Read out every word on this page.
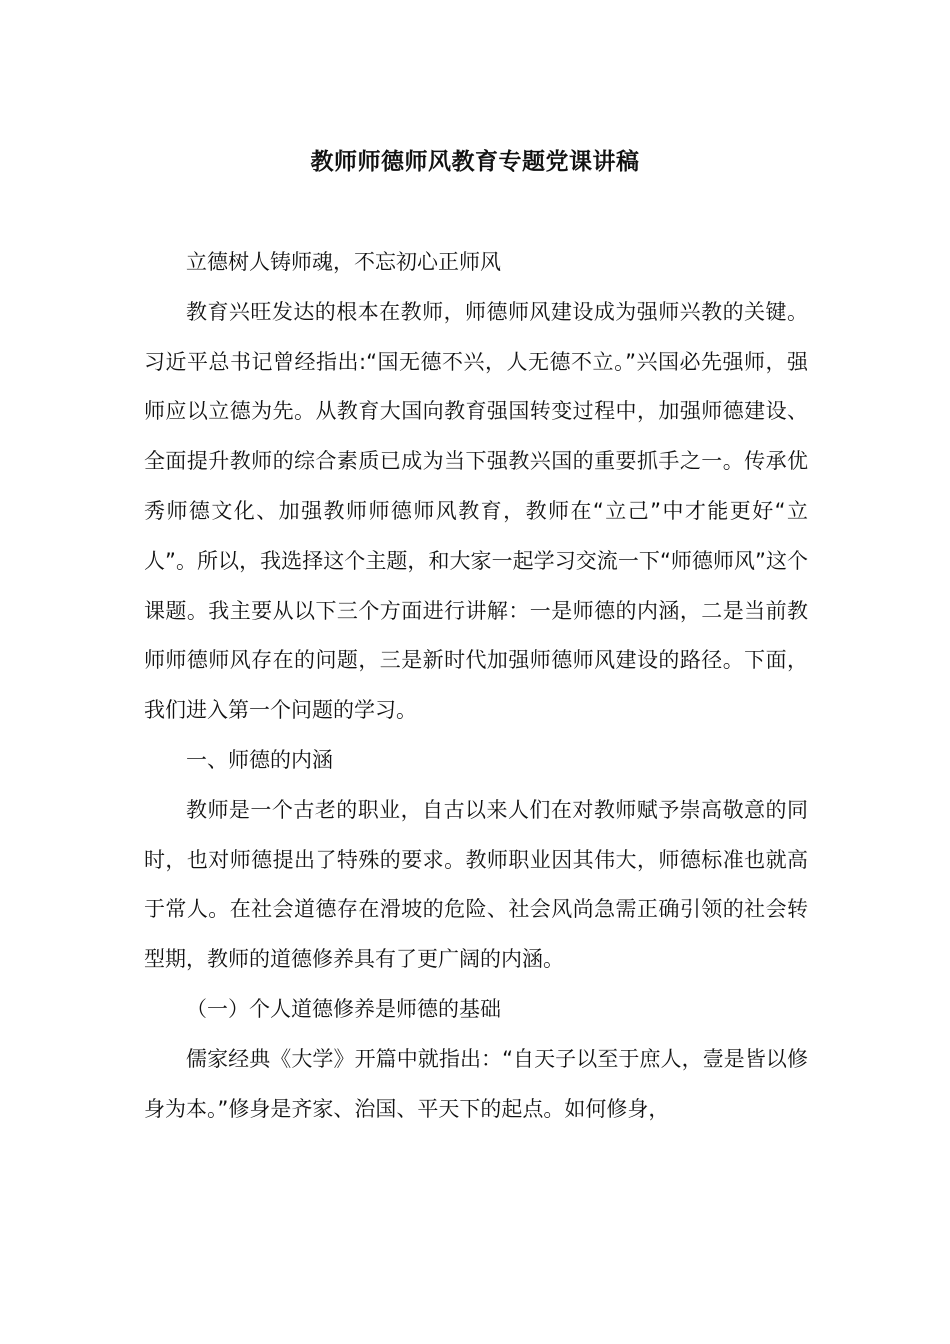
教师师德师风教育专题党课讲稿

立德树人铸师魂，不忘初心正师风

教育兴旺发达的根本在教师，师德师风建设成为强师兴教的关键。习近平总书记曾经指出:“国无德不兴，人无德不立。”兴国必先强师，强师应以立德为先。从教育大国向教育强国转变过程中，加强师德建设、全面提升教师的综合素质已成为当下强教兴国的重要抓手之一。传承优秀师德文化、加强教师师德师风教育，教师在“立己”中才能更好“立人”。所以，我选择这个主题，和大家一起学习交流一下“师德师风”这个课题。我主要从以下三个方面进行讲解：一是师德的内涵，二是当前教师师德师风存在的问题，三是新时代加强师德师风建设的路径。下面，我们进入第一个问题的学习。

一、师德的内涵

教师是一个古老的职业，自古以来人们在对教师赋予崇高敬意的同时，也对师德提出了特殊的要求。教师职业因其伟大，师德标准也就高于常人。在社会道德存在滑坡的危险、社会风尚急需正确引领的社会转型期，教师的道德修养具有了更广阔的内涵。

（一）个人道德修养是师德的基础

儒家经典《大学》开篇中就指出：“自天子以至于庶人，壹是皆以修身为本。”修身是齐家、治国、平天下的起点。如何修身，
